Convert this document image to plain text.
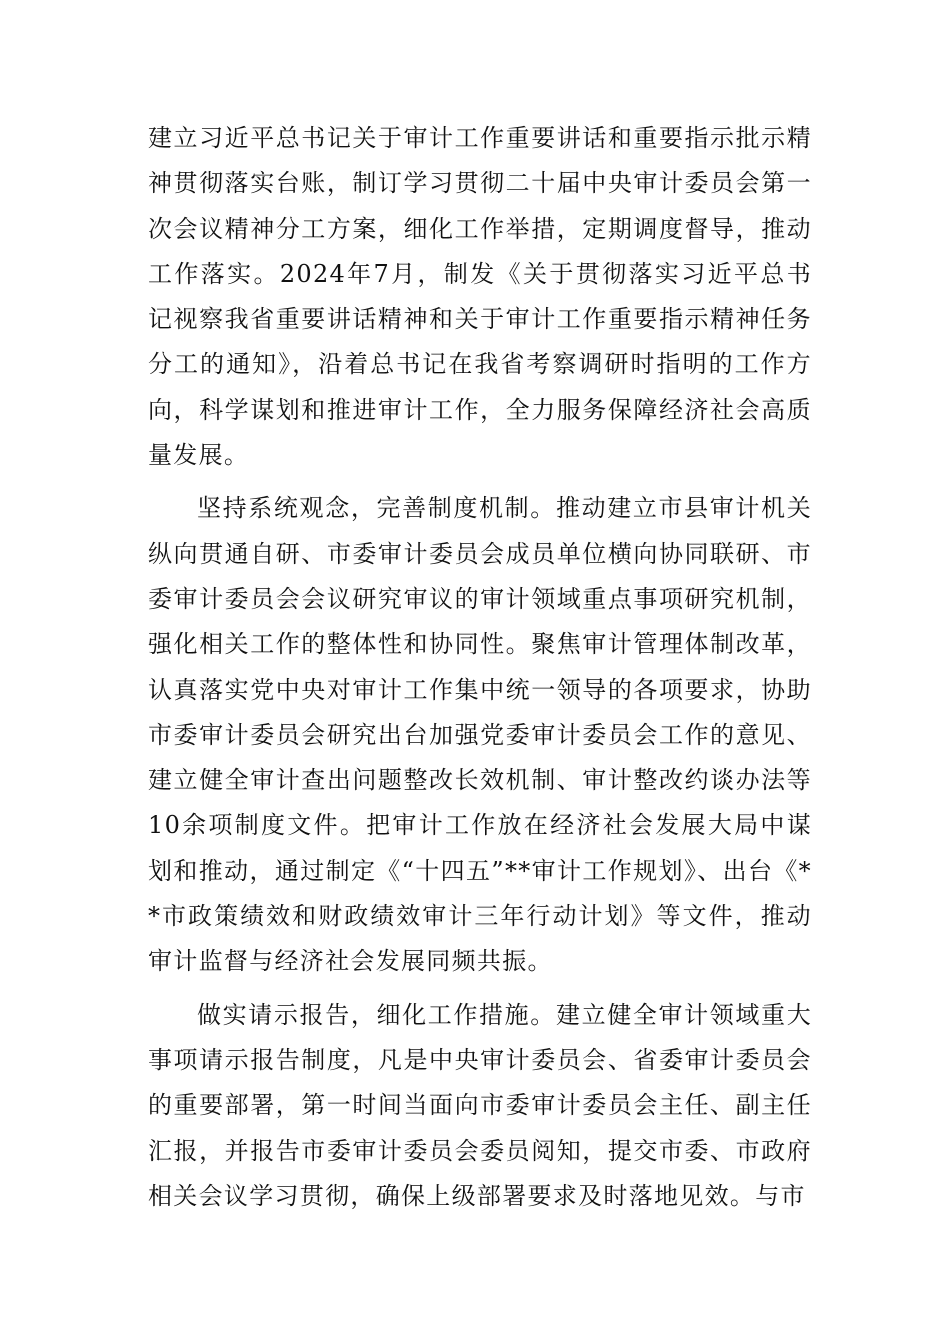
建立习近平总书记关于审计工作重要讲话和重要指示批示精神贯彻落实台账，制订学习贯彻二十届中央审计委员会第一次会议精神分工方案，细化工作举措，定期调度督导，推动工作落实。2024年7月，制发《关于贯彻落实习近平总书记视察我省重要讲话精神和关于审计工作重要指示精神任务分工的通知》，沿着总书记在我省考察调研时指明的工作方向，科学谋划和推进审计工作，全力服务保障经济社会高质量发展。

坚持系统观念，完善制度机制。推动建立市县审计机关纵向贯通自研、市委审计委员会成员单位横向协同联研、市委审计委员会会议研究审议的审计领域重点事项研究机制，强化相关工作的整体性和协同性。聚焦审计管理体制改革，认真落实党中央对审计工作集中统一领导的各项要求，协助市委审计委员会研究出台加强党委审计委员会工作的意见、建立健全审计查出问题整改长效机制、审计整改约谈办法等10余项制度文件。把审计工作放在经济社会发展大局中谋划和推动，通过制定《“十四五”**审计工作规划》、出台《**市政策绩效和财政绩效审计三年行动计划》等文件，推动审计监督与经济社会发展同频共振。

做实请示报告，细化工作措施。建立健全审计领域重大事项请示报告制度，凡是中央审计委员会、省委审计委员会的重要部署，第一时间当面向市委审计委员会主任、副主任汇报，并报告市委审计委员会委员阅知，提交市委、市政府相关会议学习贯彻，确保上级部署要求及时落地见效。与市
